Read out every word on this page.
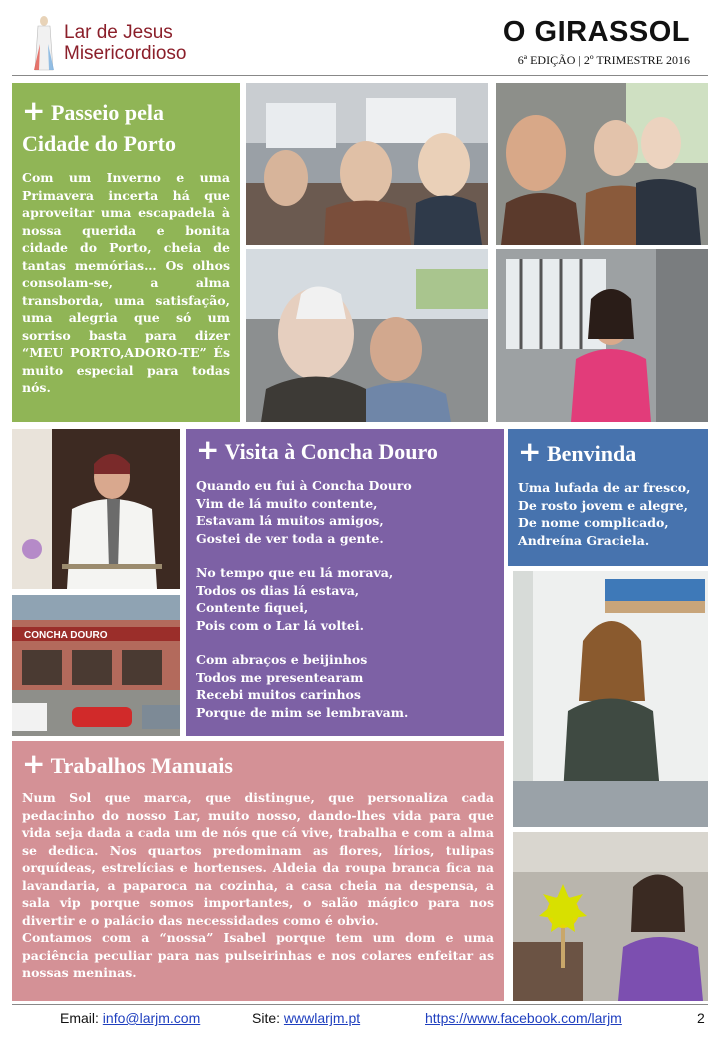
Lar de Jesus
Misericordioso
O GIRASSOL
6ª EDIÇÃO | 2º TRIMESTRE 2016
+ Passeio pela
Cidade do Porto
Com um Inverno e uma Primavera incerta há que aproveitar uma escapadela à nossa querida e bonita cidade do Porto, cheia de tantas memórias… Os olhos consolam-se, a alma transborda, uma satisfação, uma alegria que só um sorriso basta para dizer “MEU PORTO,ADORO-TE” És muito especial para todas nós.
CONCHA DOURO
+ Visita à Concha Douro

Quando eu fui à Concha Douro

Vim de lá muito contente,

Estavam lá muitos amigos,

Gostei de ver toda a gente.

No tempo que eu lá morava,

Todos os dias lá estava,

Contente fiquei,

Pois com o Lar lá voltei.

Com abraços e beijinhos

Todos me presentearam

Recebi muitos carinhos

Porque de mim se lembravam.

+ Benvinda

Uma lufada de ar fresco,

De rosto jovem e alegre,

De nome complicado,

Andreína Graciela.

+ Trabalhos Manuais

Num Sol que marca, que distingue, que personaliza cada pedacinho do nosso Lar, muito nosso, dando-lhes vida para que vida seja dada a cada um de nós que cá vive, trabalha e com a alma se dedica. Nos quartos predominam as flores, lírios, tulipas orquídeas, estrelícias e hortenses. Aldeia da roupa branca fica na lavandaria, a paparoca na cozinha, a casa cheia na despensa, a sala vip porque somos importantes, o salão mágico para nos divertir e o palácio das necessidades como é obvio.

Contamos com a “nossa” Isabel porque tem um dom e uma paciência peculiar para nas pulseirinhas e nos colares enfeitar as nossas meninas.

Email: info@larjm.com	Site: wwwlarjm.pt	https://www.facebook.com/larjm	2
